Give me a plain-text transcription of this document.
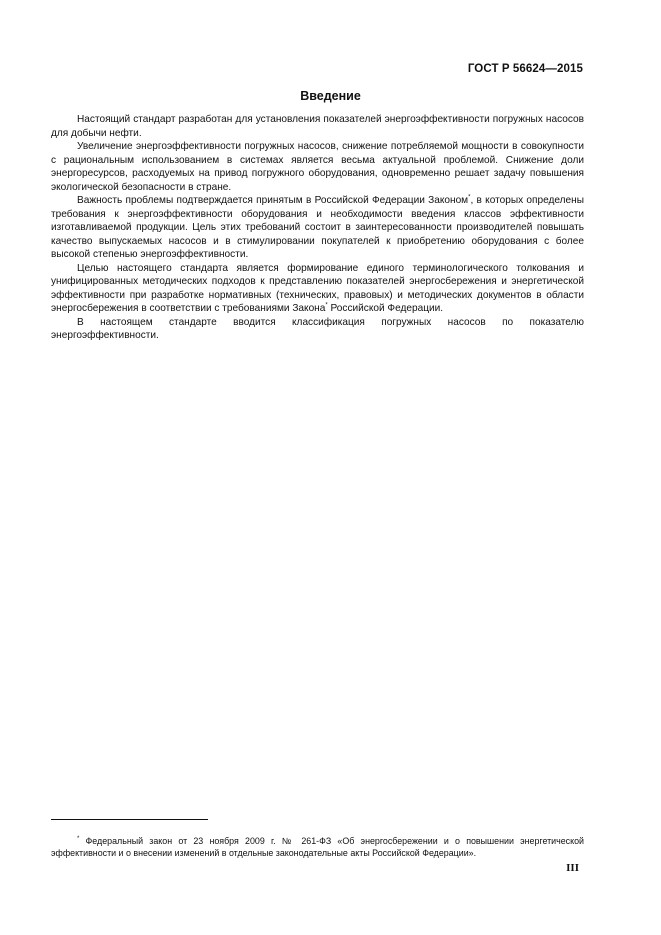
ГОСТ Р 56624—2015
Введение

Настоящий стандарт разработан для установления показателей энергоэффективности погружных насосов для добычи нефти.

Увеличение энергоэффективности погружных насосов, снижение потребляемой мощности в совокупности с рациональным использованием в системах является весьма актуальной проблемой. Снижение доли энергоресурсов, расходуемых на привод погружного оборудования, одновременно решает задачу повышения экологической безопасности в стране.

Важность проблемы подтверждается принятым в Российской Федерации Законом*, в которых определены требования к энергоэффективности оборудования и необходимости введения классов эффективности изготавливаемой продукции. Цель этих требований состоит в заинтересованности производителей повышать качество выпускаемых насосов и в стимулировании покупателей к приобретению оборудования с более высокой степенью энергоэффективности.

Целью настоящего стандарта является формирование единого терминологического толкования и унифицированных методических подходов к представлению показателей энергосбережения и энергетической эффективности при разработке нормативных (технических, правовых) и методических документов в области энергосбережения в соответствии с требованиями Закона* Российской Федерации.

В настоящем стандарте вводится классификация погружных насосов по показателю энергоэффективности.

* Федеральный закон от 23 ноября 2009 г. № 261-ФЗ «Об энергосбережении и о повышении энергетической эффективности и о внесении изменений в отдельные законодательные акты Российской Федерации».

III
